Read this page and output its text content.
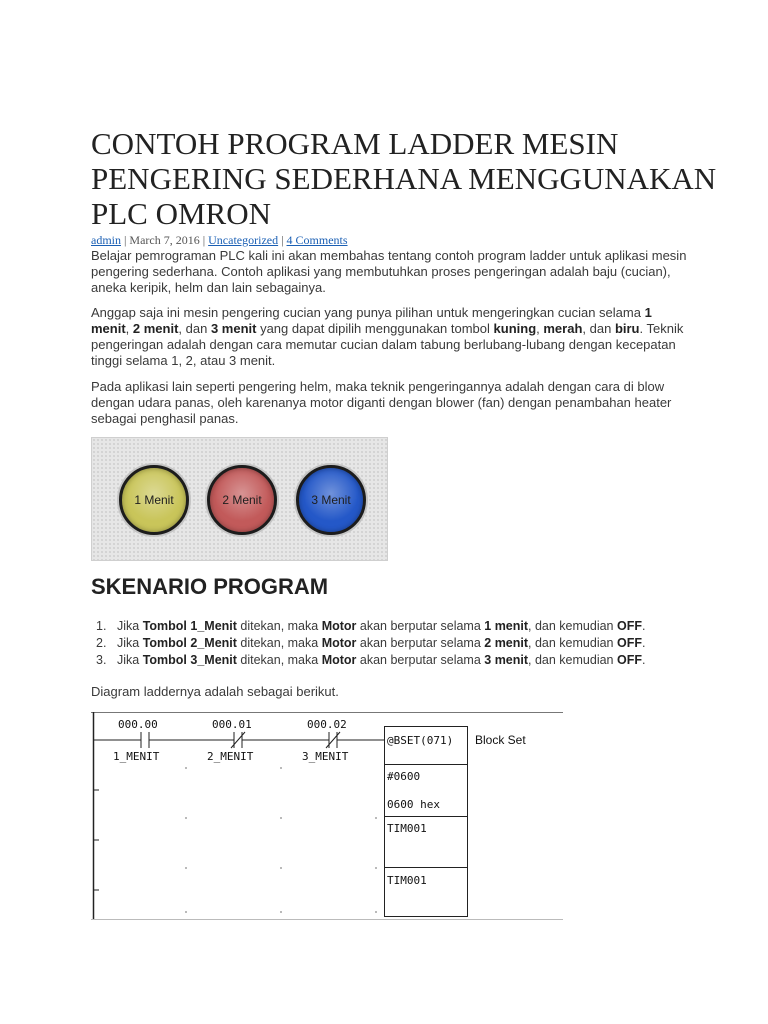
CONTOH PROGRAM LADDER MESIN PENGERING SEDERHANA MENGGUNAKAN PLC OMRON
admin | March 7, 2016 | Uncategorized | 4 Comments

Belajar pemrograman PLC kali ini akan membahas tentang contoh program ladder untuk aplikasi mesin pengering sederhana. Contoh aplikasi yang membutuhkan proses pengeringan adalah baju (cucian), aneka keripik, helm dan lain sebagainya.

Anggap saja ini mesin pengering cucian yang punya pilihan untuk mengeringkan cucian selama 1 menit, 2 menit, dan 3 menit yang dapat dipilih menggunakan tombol kuning, merah, dan biru. Teknik pengeringan adalah dengan cara memutar cucian dalam tabung berlubang-lubang dengan kecepatan tinggi selama 1, 2, atau 3 menit.

Pada aplikasi lain seperti pengering helm, maka teknik pengeringannya adalah dengan cara di blow dengan udara panas, oleh karenanya motor diganti dengan blower (fan) dengan penambahan heater sebagai penghasil panas.

1 Menit	2 Menit	3 Menit
SKENARIO PROGRAM
1. Jika Tombol 1_Menit ditekan, maka Motor akan berputar selama 1 menit, dan kemudian OFF.
2. Jika Tombol 2_Menit ditekan, maka Motor akan berputar selama 2 menit, dan kemudian OFF.
3. Jika Tombol 3_Menit ditekan, maka Motor akan berputar selama 3 menit, dan kemudian OFF.

Diagram laddernya adalah sebagai berikut.

000.00
1_MENIT
000.01
2_MENIT
000.02
3_MENIT
@BSET(071)
#0600
0600 hex
TIM001
TIM001
Block Set
